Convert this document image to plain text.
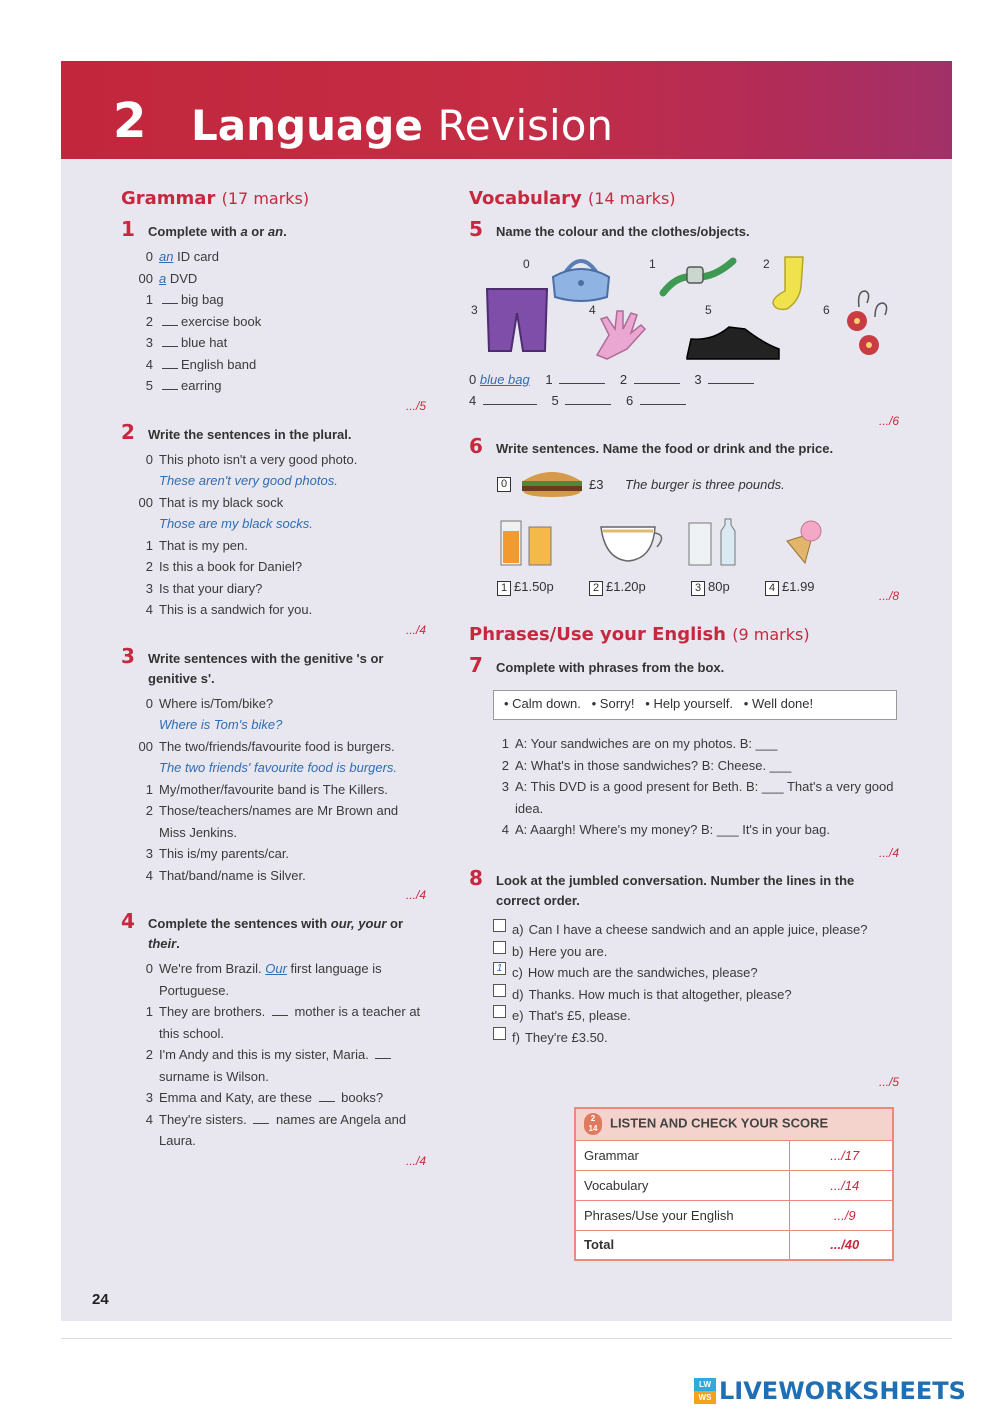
2 Language Revision
Grammar (17 marks)
1 Complete with a or an.
0 an ID card
00 a DVD
1	big bag
2	exercise book
3	blue hat
4	English band
5	earring
.../5
2 Write the sentences in the plural.
0 This photo isn't a very good photo.
These aren't very good photos.
00 That is my black sock
Those are my black socks.
1 That is my pen.
2 Is this a book for Daniel?
3 Is that your diary?
4 This is a sandwich for you.
.../4
3 Write sentences with the genitive 's or genitive s'.
0 Where is/Tom/bike?
Where is Tom's bike?
00 The two/friends/favourite food is burgers.
The two friends' favourite food is burgers.
1 My/mother/favourite band is The Killers.
2 Those/teachers/names are Mr Brown and Miss Jenkins.
3 This is/my parents/car.
4 That/band/name is Silver.
.../4
4 Complete the sentences with our, your or their.
0 We're from Brazil. Our first language is Portuguese.
1 They are brothers.  mother is a teacher at this school.
2 I'm Andy and this is my sister, Maria.  surname is Wilson.
3 Emma and Katy, are these  books?
4 They're sisters.  names are Angela and Laura.
.../4
Vocabulary (14 marks)
5 Name the colour and the clothes/objects.
0	1	2
3	4	5	6
0 blue bag 1	2	3
4	5	6
.../6
6 Write sentences. Name the food or drink and the price.
0	£3 The burger is three pounds.
1 £1.50p	2 £1.20p	3 80p	4 £1.99
.../8
Phrases/Use your English (9 marks)
7 Complete with phrases from the box.
• Calm down.   • Sorry!   • Help yourself.   • Well done!
1 A: Your sandwiches are on my photos. B: ___
2 A: What's in those sandwiches? B: Cheese. ___
3 A: This DVD is a good present for Beth. B: ___ That's a very good idea.
4 A: Aaargh! Where's my money? B: ___ It's in your bag.
.../4
8 Look at the jumbled conversation. Number the lines in the correct order.
a) Can I have a cheese sandwich and an apple juice, please?
b) Here you are.
1 c) How much are the sandwiches, please?
d) Thanks. How much is that altogether, please?
e) That's £5, please.
f) They're £3.50.
.../5
2
14 LISTEN AND CHECK YOUR SCORE	
Grammar	.../17
Vocabulary	.../14
Phrases/Use your English	.../9
Total	.../40
24
LW
WS LIVEWORKSHEETS
